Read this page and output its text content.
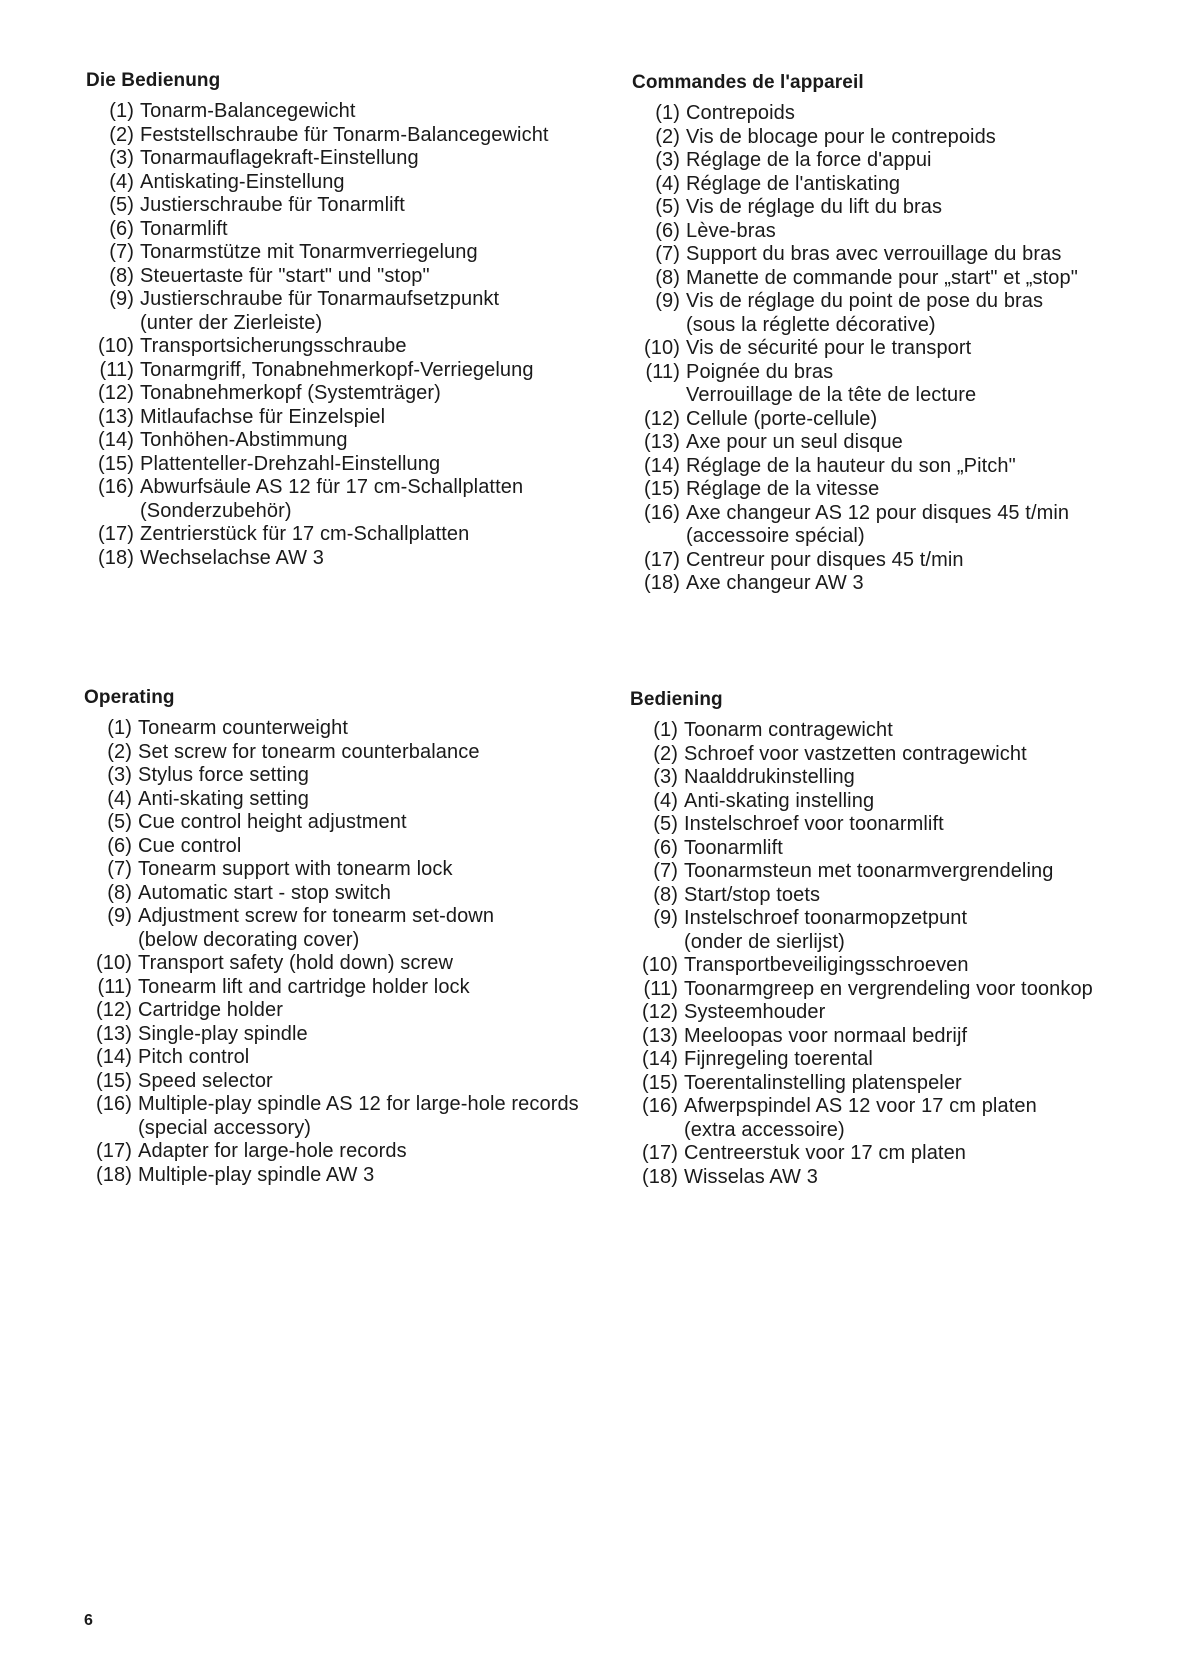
Die Bedienung
(1) Tonarm-Balancegewicht
(2) Feststellschraube für Tonarm-Balancegewicht
(3) Tonarmauflagekraft-Einstellung
(4) Antiskating-Einstellung
(5) Justierschraube für Tonarmlift
(6) Tonarmlift
(7) Tonarmstütze mit Tonarmverriegelung
(8) Steuertaste für "start" und "stop"
(9) Justierschraube für Tonarmaufsetzpunkt
(unter der Zierleiste)
(10) Transportsicherungsschraube
(11) Tonarmgriff, Tonabnehmerkopf-Verriegelung
(12) Tonabnehmerkopf (Systemträger)
(13) Mitlaufachse für Einzelspiel
(14) Tonhöhen-Abstimmung
(15) Plattenteller-Drehzahl-Einstellung
(16) Abwurfsäule AS 12 für 17 cm-Schallplatten
(Sonderzubehör)
(17) Zentrierstück für 17 cm-Schallplatten
(18) Wechselachse AW 3
Commandes de l'appareil
(1) Contrepoids
(2) Vis de blocage pour le contrepoids
(3) Réglage de la force d'appui
(4) Réglage de l'antiskating
(5) Vis de réglage du lift du bras
(6) Lève-bras
(7) Support du bras avec verrouillage du bras
(8) Manette de commande pour „start" et „stop"
(9) Vis de réglage du point de pose du bras
(sous la réglette décorative)
(10) Vis de sécurité pour le transport
(11) Poignée du bras
Verrouillage de la tête de lecture
(12) Cellule (porte-cellule)
(13) Axe pour un seul disque
(14) Réglage de la hauteur du son „Pitch"
(15) Réglage de la vitesse
(16) Axe changeur AS 12 pour disques 45 t/min
(accessoire spécial)
(17) Centreur pour disques 45 t/min
(18) Axe changeur AW 3
Operating
(1) Tonearm counterweight
(2) Set screw for tonearm counterbalance
(3) Stylus force setting
(4) Anti-skating setting
(5) Cue control height adjustment
(6) Cue control
(7) Tonearm support with tonearm lock
(8) Automatic start - stop switch
(9) Adjustment screw for tonearm set-down
(below decorating cover)
(10) Transport safety (hold down) screw
(11) Tonearm lift and cartridge holder lock
(12) Cartridge holder
(13) Single-play spindle
(14) Pitch control
(15) Speed selector
(16) Multiple-play spindle AS 12 for large-hole records
(special accessory)
(17) Adapter for large-hole records
(18) Multiple-play spindle AW 3
Bediening
(1) Toonarm contragewicht
(2) Schroef voor vastzetten contragewicht
(3) Naalddrukinstelling
(4) Anti-skating instelling
(5) Instelschroef voor toonarmlift
(6) Toonarmlift
(7) Toonarmsteun met toonarmvergrendeling
(8) Start/stop toets
(9) Instelschroef toonarmopzetpunt
(onder de sierlijst)
(10) Transportbeveiligingsschroeven
(11) Toonarmgreep en vergrendeling voor toonkop
(12) Systeemhouder
(13) Meeloopas voor normaal bedrijf
(14) Fijnregeling toerental
(15) Toerentalinstelling platenspeler
(16) Afwerpspindel AS 12 voor 17 cm platen
(extra accessoire)
(17) Centreerstuk voor 17 cm platen
(18) Wisselas AW 3
6
